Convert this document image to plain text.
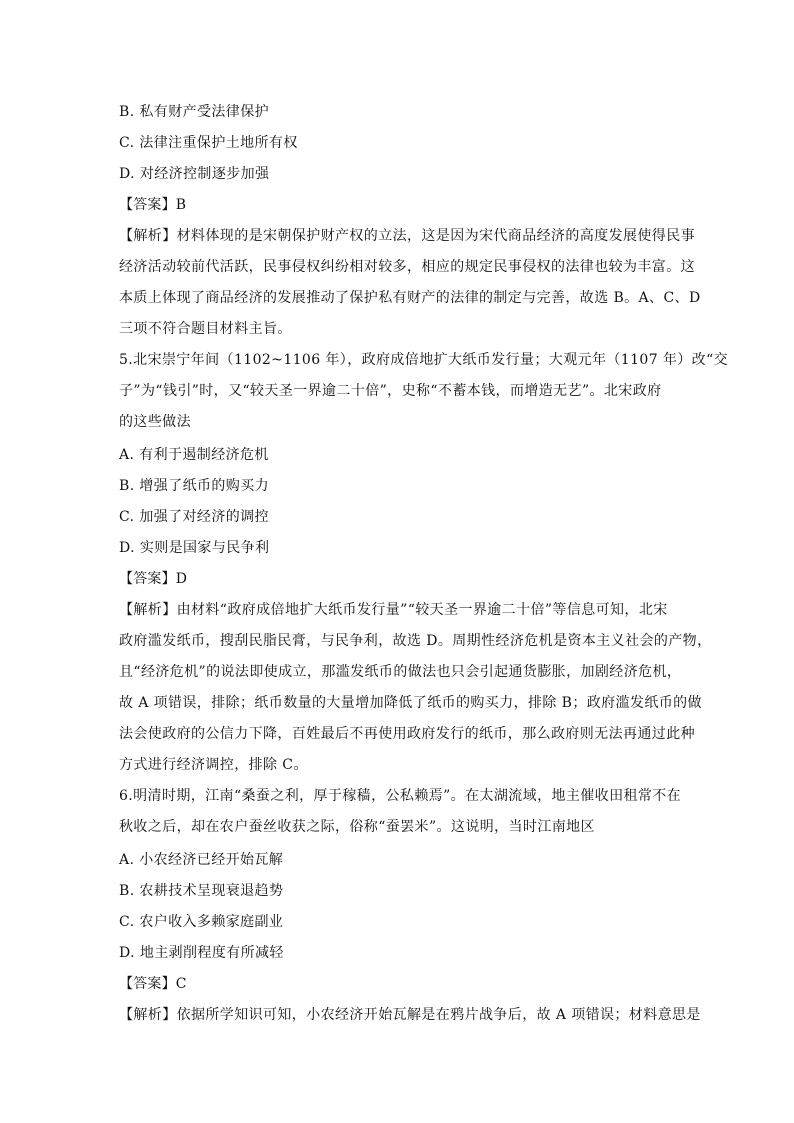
B. 私有财产受法律保护
C. 法律注重保护土地所有权
D. 对经济控制逐步加强
【答案】B
【解析】材料体现的是宋朝保护财产权的立法，这是因为宋代商品经济的高度发展使得民事
经济活动较前代活跃，民事侵权纠纷相对较多，相应的规定民事侵权的法律也较为丰富。这
本质上体现了商品经济的发展推动了保护私有财产的法律的制定与完善，故选 B。A、C、D
三项不符合题目材料主旨。
5.北宋崇宁年间（1102~1106 年），政府成倍地扩大纸币发行量；大观元年（1107 年）改“交
子”为“钱引”时，又“较天圣一界逾二十倍”，史称“不蓄本钱，而增造无艺”。北宋政府
的这些做法
A. 有利于遏制经济危机
B. 增强了纸币的购买力
C. 加强了对经济的调控
D. 实则是国家与民争利
【答案】D
【解析】由材料“政府成倍地扩大纸币发行量”“较天圣一界逾二十倍”等信息可知，北宋
政府滥发纸币，搜刮民脂民膏，与民争利，故选 D。周期性经济危机是资本主义社会的产物，
且“经济危机”的说法即使成立，那滥发纸币的做法也只会引起通货膨胀，加剧经济危机，
故 A 项错误，排除；纸币数量的大量增加降低了纸币的购买力，排除 B；政府滥发纸币的做
法会使政府的公信力下降，百姓最后不再使用政府发行的纸币，那么政府则无法再通过此种
方式进行经济调控，排除 C。
6.明清时期，江南“桑蚕之利，厚于稼穑，公私赖焉”。在太湖流域，地主催收田租常不在
秋收之后，却在农户蚕丝收获之际，俗称“蚕罢米”。这说明，当时江南地区
A. 小农经济已经开始瓦解
B. 农耕技术呈现衰退趋势
C. 农户收入多赖家庭副业
D. 地主剥削程度有所减轻
【答案】C
【解析】依据所学知识可知，小农经济开始瓦解是在鸦片战争后，故 A 项错误；材料意思是
